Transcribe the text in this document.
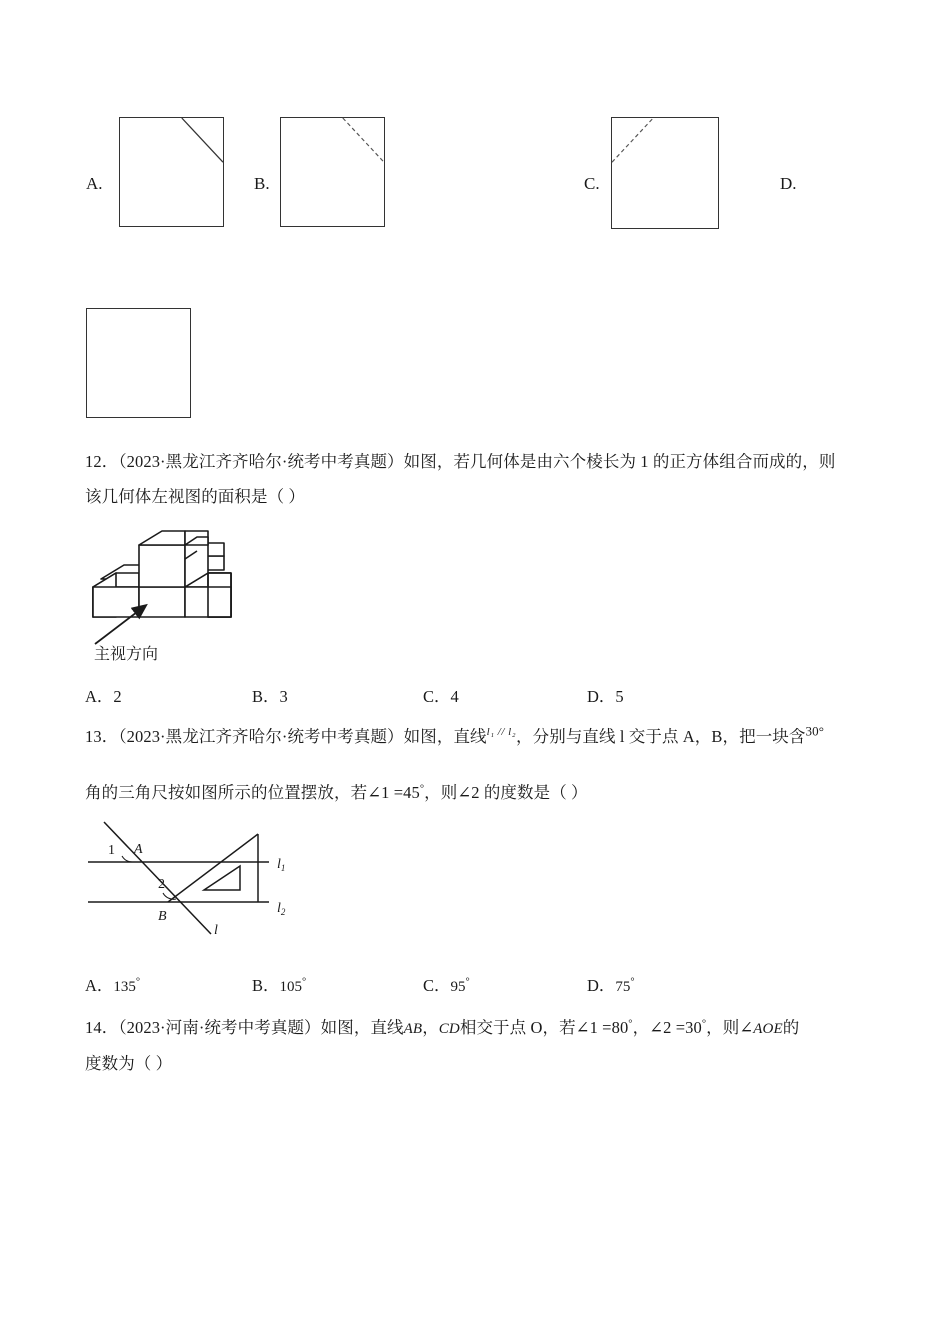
A.	B.	C.	D.
12．（2023·黑龙江齐齐哈尔·统考中考真题）如图，若几何体是由六个棱长为 1 的正方体组合而成的，则
该几何体左视图的面积是（ ）
主视方向
A．2	B．3	C．4	D．5
13．（2023·黑龙江齐齐哈尔·统考中考真题）如图，直线$^{l_1 // l_2}$，分别与直线 l 交于点 A，B，把一块含$^{30^\circ}$
角的三角尺按如图所示的位置摆放，若∠1 =45°，则∠2 的度数是（ ）
1 A
2
B
$l_1$
$l_2$
l
A．135°	B．105°	C．95°	D．75°
14．（2023·河南·统考中考真题）如图，直线AB，CD相交于点 O，若∠1 =80°，∠2 =30°，则∠AOE的
度数为（ ）
